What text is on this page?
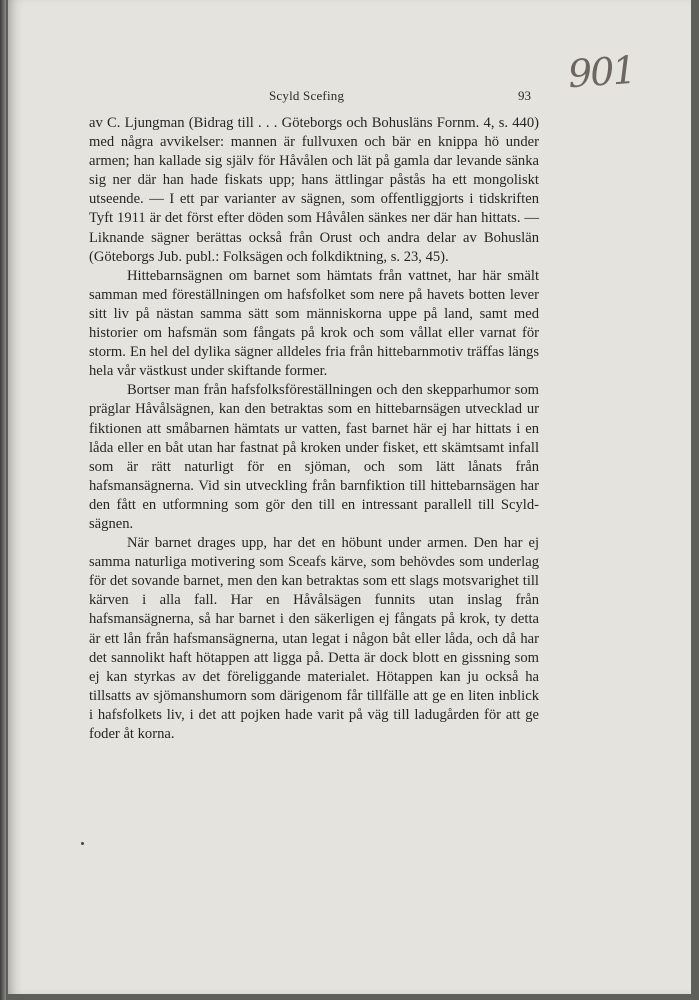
Scyld Scefing	93 901

av C. Ljungman (Bidrag till . . . Göteborgs och Bohusläns Fornm. 4, s. 440) med några avvikelser: mannen är fullvuxen och bär en knippa hö under armen; han kallade sig själv för Håvålen och lät på gamla dar levande sänka sig ner där han hade fiskats upp; hans ättlingar påstås ha ett mongoliskt utseende. — I ett par varianter av sägnen, som offentliggjorts i tidskriften Tyft 1911 är det först efter döden som Håvålen sänkes ner där han hittats. — Liknande sägner berättas också från Orust och andra delar av Bohuslän (Göteborgs Jub. publ.: Folksägen och folkdiktning, s. 23, 45).

Hittebarnsägnen om barnet som hämtats från vattnet, har här smält samman med föreställningen om hafsfolket som nere på havets botten lever sitt liv på nästan samma sätt som människorna uppe på land, samt med historier om hafsmän som fångats på krok och som vållat eller varnat för storm. En hel del dylika sägner alldeles fria från hittebarnmotiv träffas längs hela vår västkust under skiftande former.

Bortser man från hafsfolksföreställningen och den skepparhumor som präglar Håvålsägnen, kan den betraktas som en hittebarnsägen utvecklad ur fiktionen att småbarnen hämtats ur vatten, fast barnet här ej har hittats i en låda eller en båt utan har fastnat på kroken under fisket, ett skämtsamt infall som är rätt naturligt för en sjöman, och som lätt lånats från hafsmansägnerna. Vid sin utveckling från barnfiktion till hittebarnsägen har den fått en utformning som gör den till en intressant parallell till Scyld-sägnen.

När barnet drages upp, har det en höbunt under armen. Den har ej samma naturliga motivering som Sceafs kärve, som behövdes som underlag för det sovande barnet, men den kan betraktas som ett slags motsvarighet till kärven i alla fall. Har en Håvålsägen funnits utan inslag från hafsmansägnerna, så har barnet i den säkerligen ej fångats på krok, ty detta är ett lån från hafsmansägnerna, utan legat i någon båt eller låda, och då har det sannolikt haft hötappen att ligga på. Detta är dock blott en gissning som ej kan styrkas av det föreliggande materialet. Hötappen kan ju också ha tillsatts av sjömanshumorn som därigenom får tillfälle att ge en liten inblick i hafsfolkets liv, i det att pojken hade varit på väg till ladugården för att ge foder åt korna.
